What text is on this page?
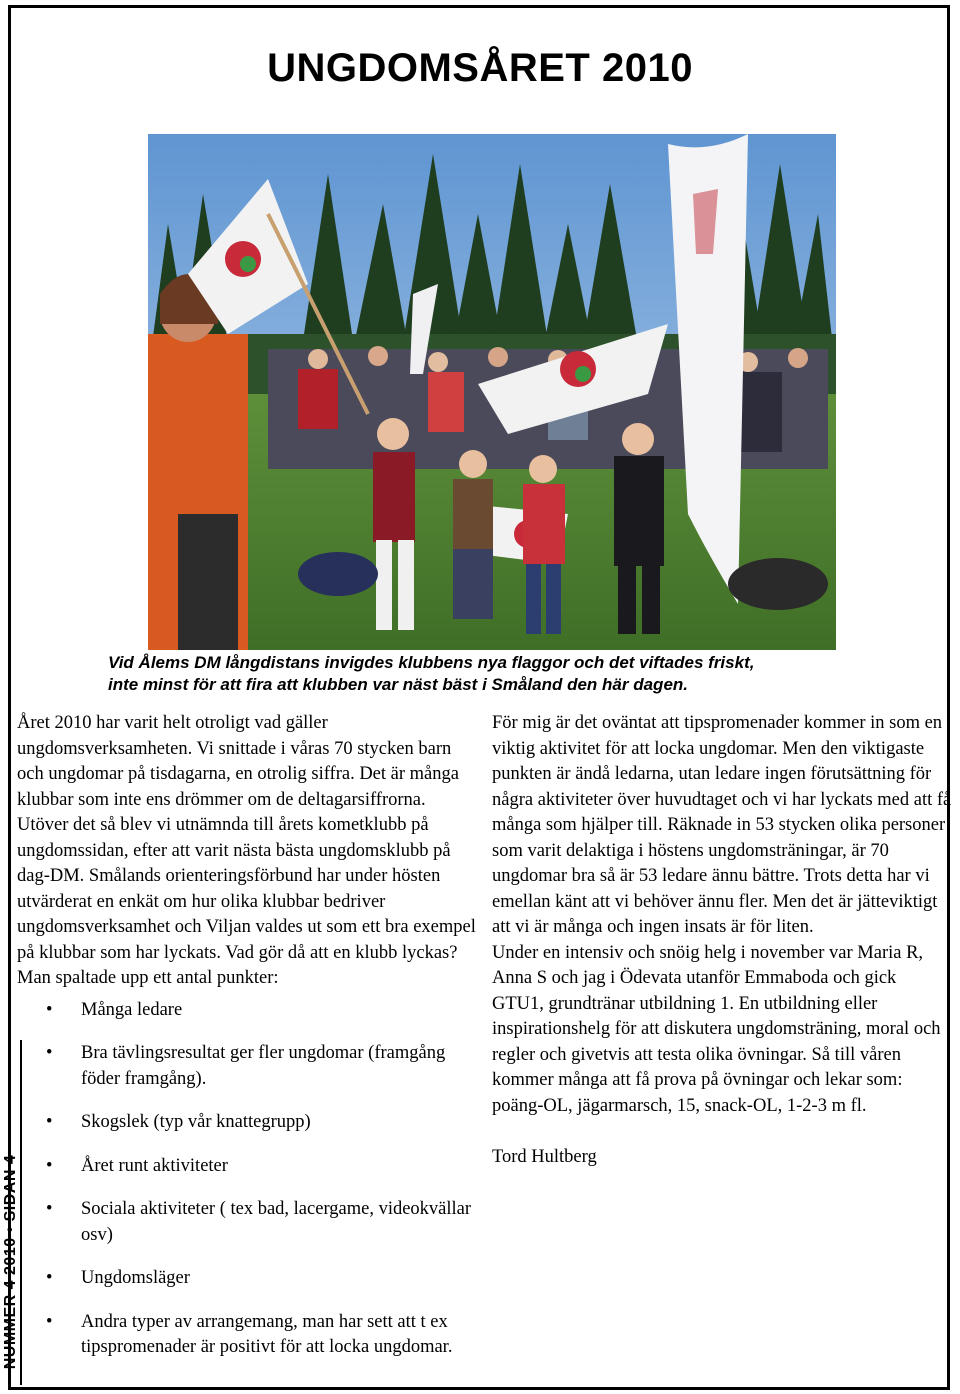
NUMMER 4 2010 • SIDAN 4
UNGDOMSÅRET 2010
Vid Ålems DM långdistans invigdes klubbens nya flaggor och det viftades friskt,
inte minst för att fira att klubben var näst bäst i Småland den här dagen.

Året 2010 har varit helt otroligt vad gäller ungdomsverksamheten. Vi snittade i våras 70 stycken barn och ungdomar på tisdagarna, en otrolig siffra. Det är många klubbar som inte ens drömmer om de deltagarsiffrorna. Utöver det så blev vi utnämnda till årets kometklubb på ungdomssidan, efter att varit nästa bästa ungdomsklubb på dag-DM. Smålands orienteringsförbund har under hösten utvärderat en enkät om hur olika klubbar bedriver ungdomsverksamhet och Viljan valdes ut som ett bra exempel på klubbar som har lyckats. Vad gör då att en klubb lyckas? Man spaltade upp ett antal punkter:

• Många ledare
• Bra tävlingsresultat ger fler ungdomar (framgång föder framgång).
• Skogslek (typ vår knattegrupp)
• Året runt aktiviteter
• Sociala aktiviteter ( tex bad, lacergame, videokvällar osv)
• Ungdomsläger
• Andra typer av arrangemang, man har sett att t ex tipspromenader är positivt för att locka ungdomar.

För mig är det oväntat att tipspromenader kommer in som en viktig aktivitet för att locka ungdomar. Men den viktigaste punkten är ändå ledarna, utan ledare ingen förutsättning för några aktiviteter över huvudtaget och vi har lyckats med att få många som hjälper till. Räknade in 53 stycken olika personer som varit delaktiga i höstens ungdomsträningar, är 70 ungdomar bra så är 53 ledare ännu bättre. Trots detta har vi emellan känt att vi behöver ännu fler. Men det är jätteviktigt att vi är många och ingen insats är för liten.

Under en intensiv och snöig helg i november var Maria R, Anna S och jag i Ödevata utanför Emmaboda och gick GTU1, grundtränar utbildning 1. En utbildning eller inspirationshelg för att diskutera ungdomsträning, moral och regler och givetvis att testa olika övningar. Så till våren kommer många att få prova på övningar och lekar som: poäng-OL, jägarmarsch, 15, snack-OL, 1-2-3 m fl.

Tord Hultberg
